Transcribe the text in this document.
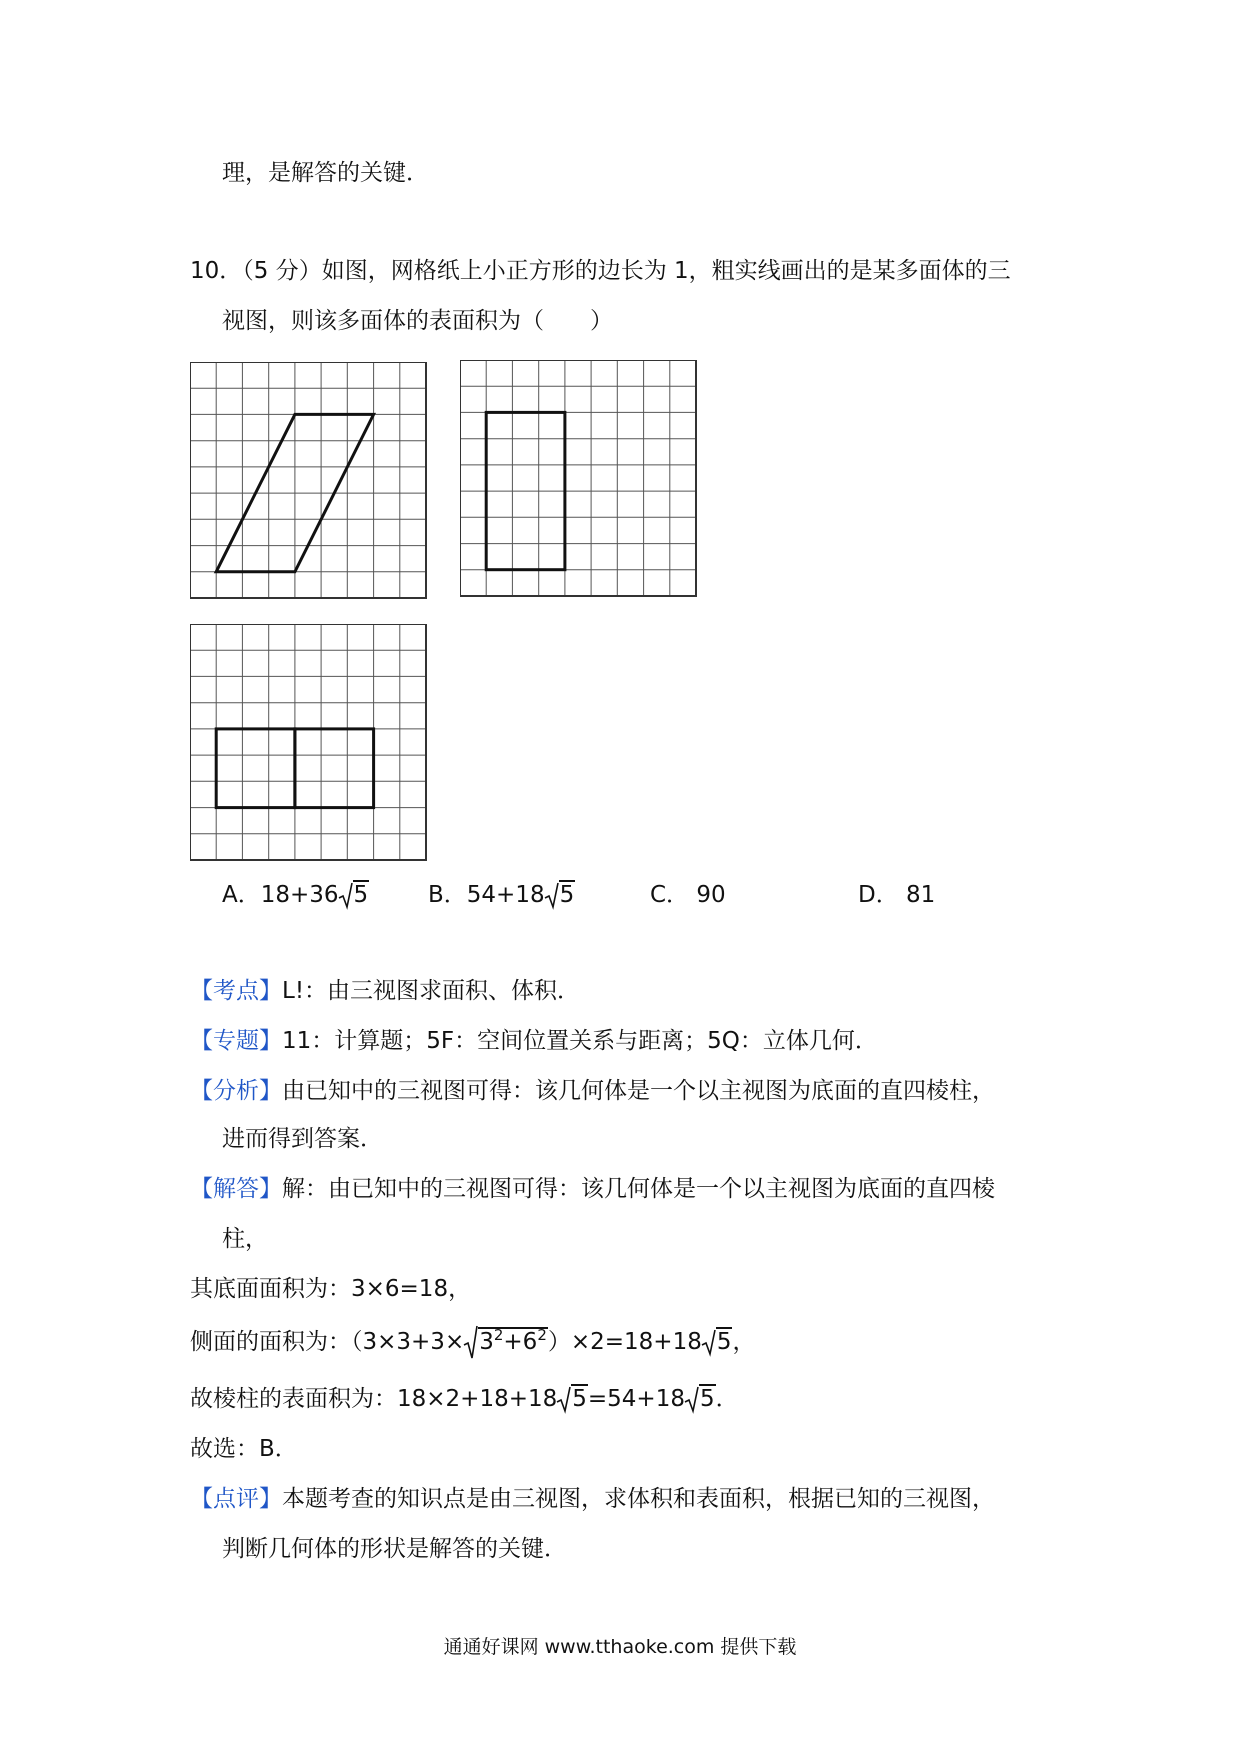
理，是解答的关键．
10．（5 分）如图，网格纸上小正方形的边长为 1，粗实线画出的是某多面体的三
视图，则该多面体的表面积为（　　）
A．18+36 5	B．54+18 5	C． 90	D． 81
【考点】L!：由三视图求面积、体积．
【专题】11：计算题；5F：空间位置关系与距离；5Q：立体几何．
【分析】由已知中的三视图可得：该几何体是一个以主视图为底面的直四棱柱，
进而得到答案．
【解答】解：由已知中的三视图可得：该几何体是一个以主视图为底面的直四棱
柱，
其底面面积为：3×6=18，
侧面的面积为：$(3\times 3+3\times 3^2+6^2)\times 2=18+18$ 5，
故棱柱的表面积为：18×2+18+18 5=54+18 5．
故选：B．
【点评】本题考查的知识点是由三视图，求体积和表面积，根据已知的三视图，
判断几何体的形状是解答的关键．
通通好课网 www.tthaoke.com 提供下载
